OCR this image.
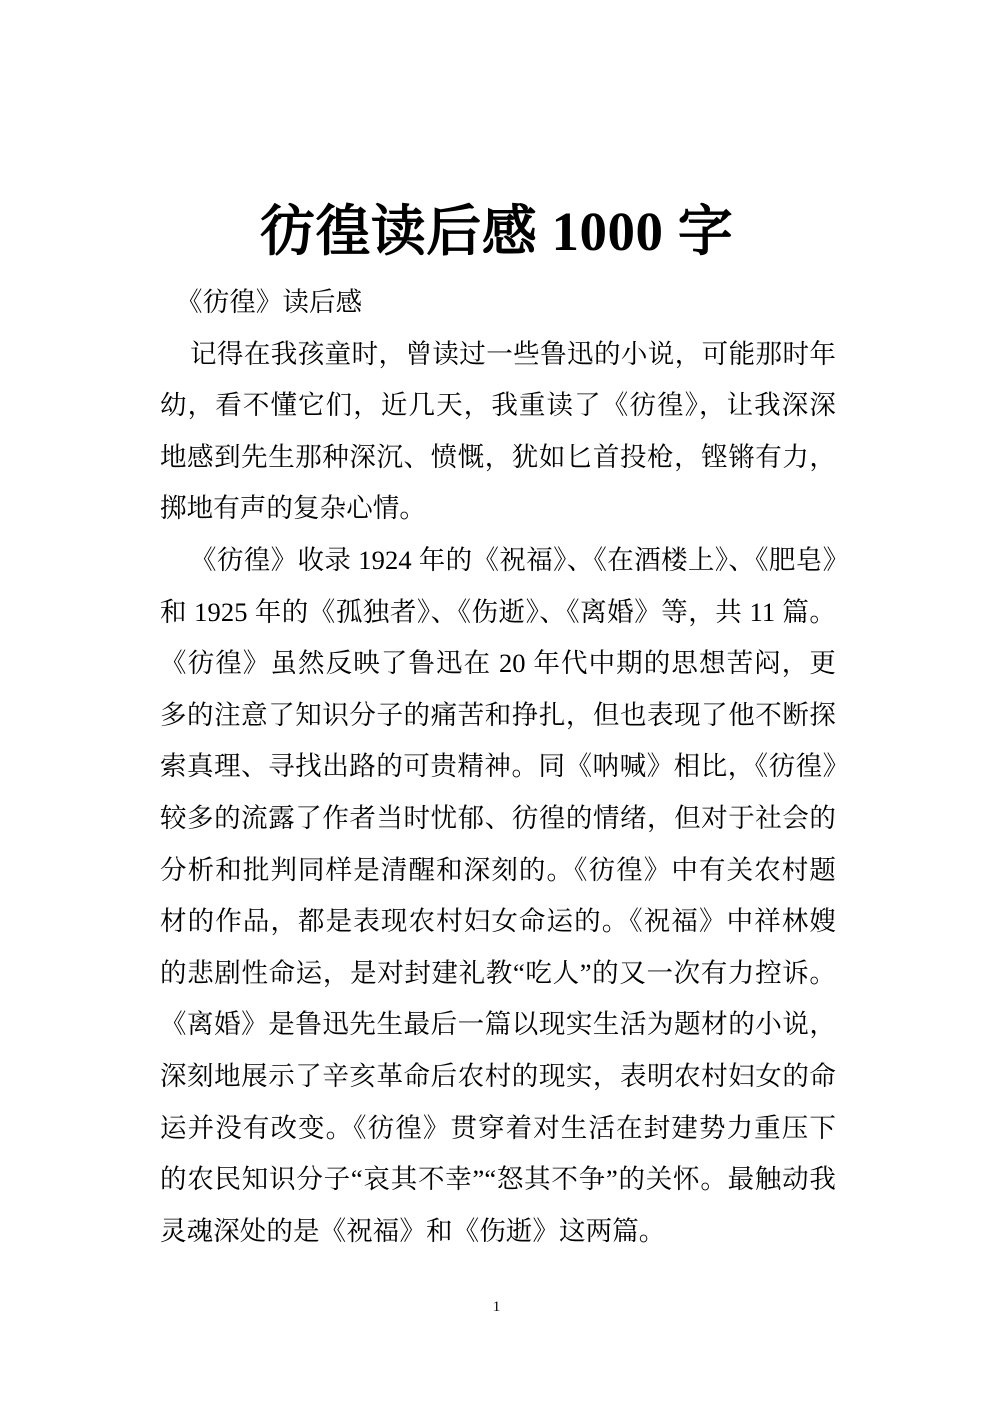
彷徨读后感 1000 字

《彷徨》读后感

记得在我孩童时，曾读过一些鲁迅的小说，可能那时年幼，看不懂它们，近几天，我重读了《彷徨》，让我深深地感到先生那种深沉、愤慨，犹如匕首投枪，铿锵有力，掷地有声的复杂心情。

《彷徨》收录 1924 年的《祝福》、《在酒楼上》、《肥皂》和 1925 年的《孤独者》、《伤逝》、《离婚》等，共 11 篇。《彷徨》虽然反映了鲁迅在 20 年代中期的思想苦闷，更多的注意了知识分子的痛苦和挣扎，但也表现了他不断探索真理、寻找出路的可贵精神。同《呐喊》相比，《彷徨》较多的流露了作者当时忧郁、彷徨的情绪，但对于社会的分析和批判同样是清醒和深刻的。《彷徨》中有关农村题材的作品，都是表现农村妇女命运的。《祝福》中祥林嫂的悲剧性命运，是对封建礼教“吃人”的又一次有力控诉。《离婚》是鲁迅先生最后一篇以现实生活为题材的小说，深刻地展示了辛亥革命后农村的现实，表明农村妇女的命运并没有改变。《彷徨》贯穿着对生活在封建势力重压下的农民知识分子“哀其不幸”“怒其不争”的关怀。最触动我灵魂深处的是《祝福》和《伤逝》这两篇。

1
